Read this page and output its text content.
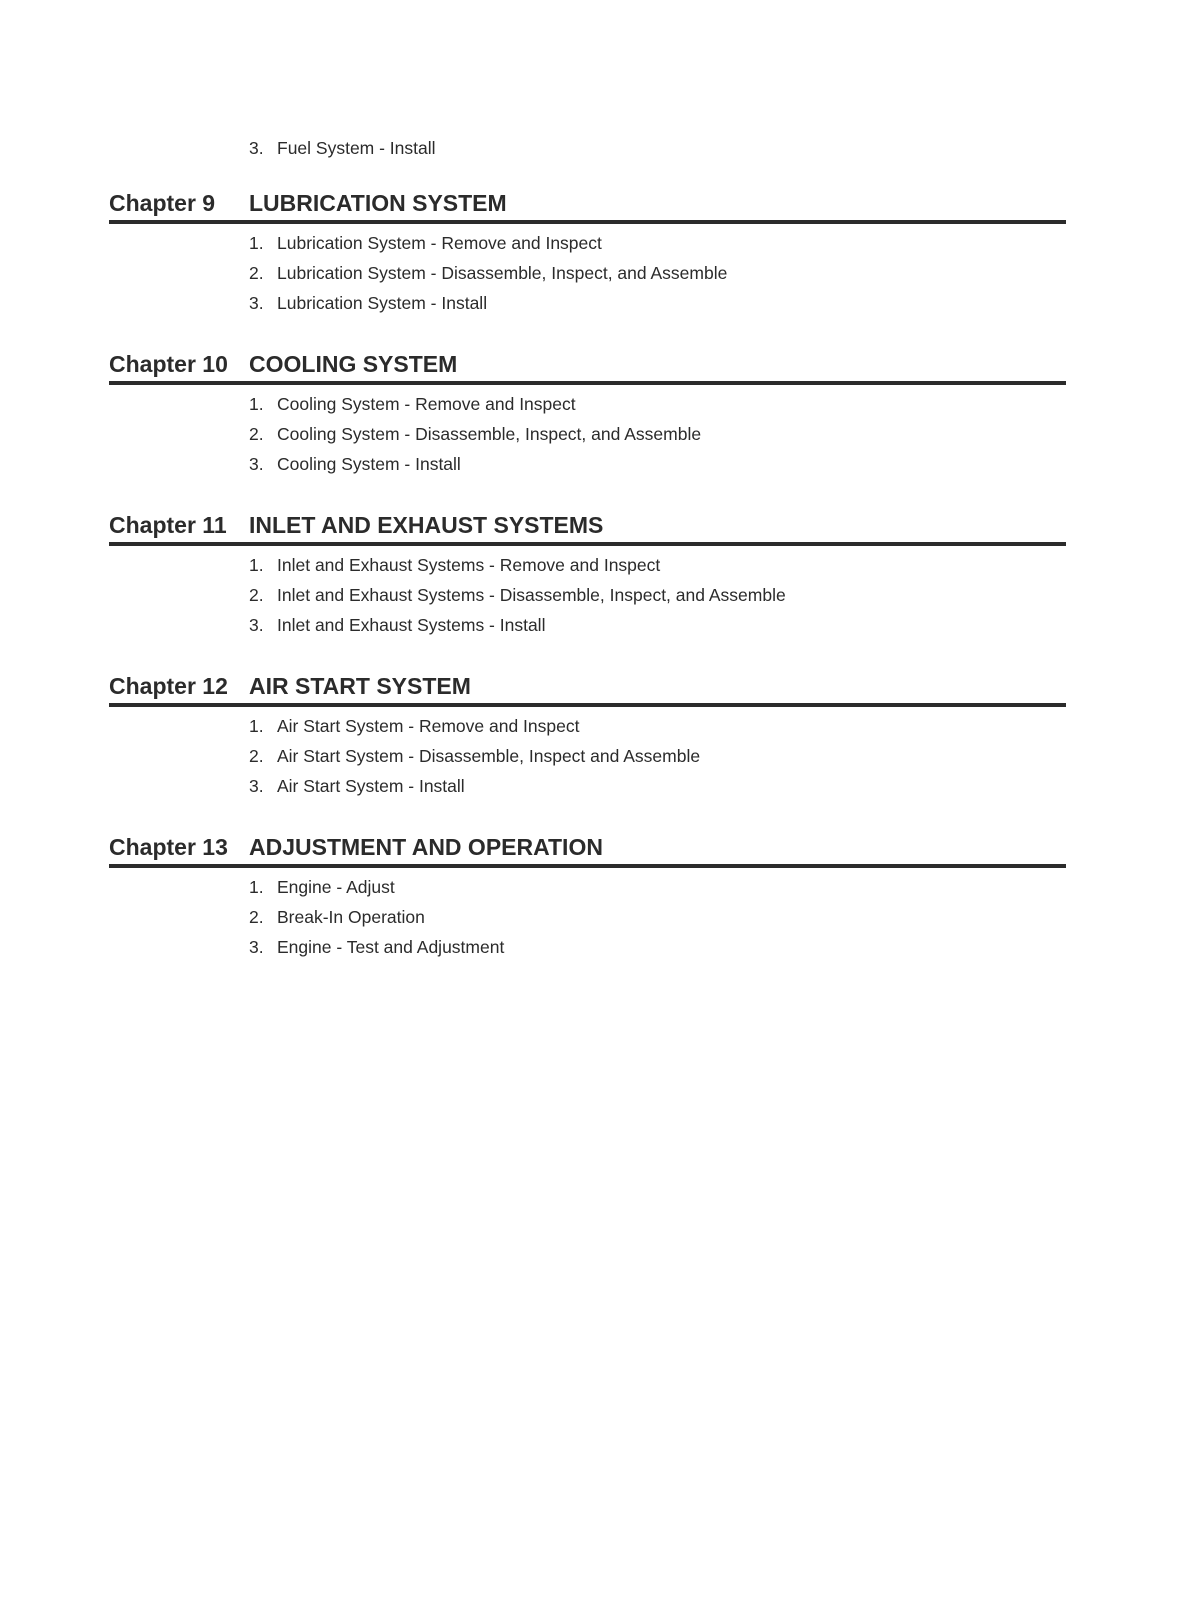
3. Fuel System - Install
Chapter 9 LUBRICATION SYSTEM
1. Lubrication System - Remove and Inspect
2. Lubrication System - Disassemble, Inspect, and Assemble
3. Lubrication System - Install
Chapter 10 COOLING SYSTEM
1. Cooling System - Remove and Inspect
2. Cooling System - Disassemble, Inspect, and Assemble
3. Cooling System - Install
Chapter 11 INLET AND EXHAUST SYSTEMS
1. Inlet and Exhaust Systems - Remove and Inspect
2. Inlet and Exhaust Systems - Disassemble, Inspect, and Assemble
3. Inlet and Exhaust Systems - Install
Chapter 12 AIR START SYSTEM
1. Air Start System - Remove and Inspect
2. Air Start System - Disassemble, Inspect and Assemble
3. Air Start System - Install
Chapter 13 ADJUSTMENT AND OPERATION
1. Engine - Adjust
2. Break-In Operation
3. Engine - Test and Adjustment
